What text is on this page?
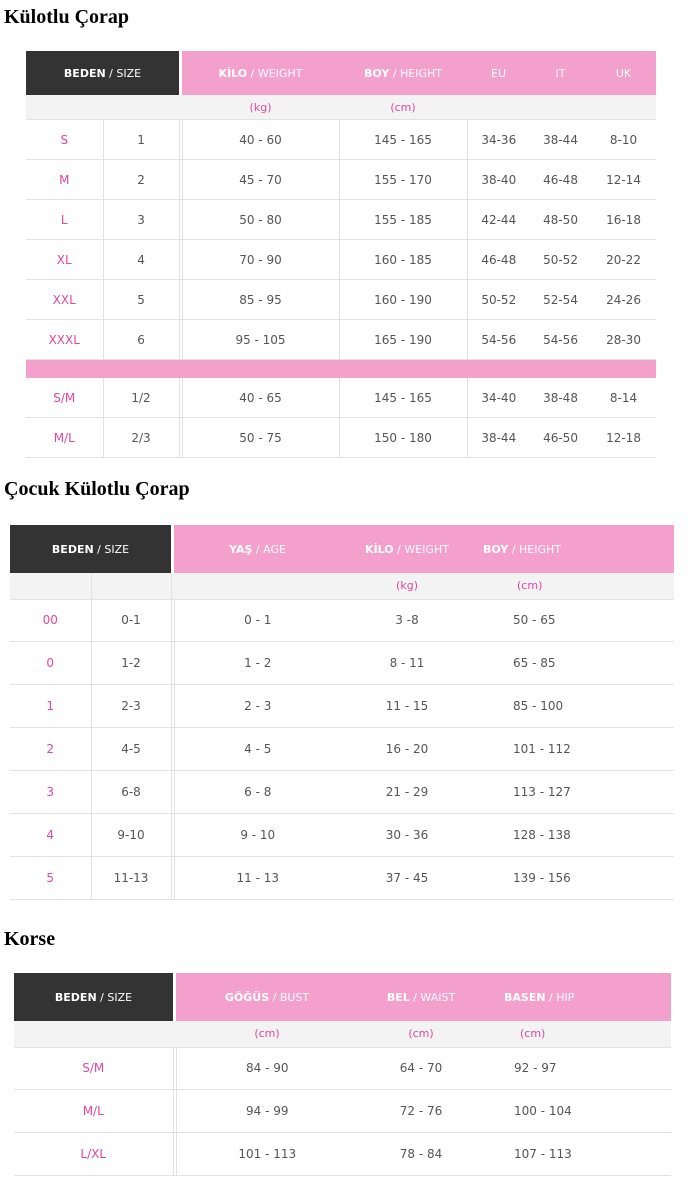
Külotlu Çorap
BEDEN / SIZE			KİLO / WEIGHT	BOY / HEIGHT	EU	IT	UK
			(kg)	(cm)			
S	1		40 - 60	145 - 165	34-36	38-44	8-10
M	2		45 - 70	155 - 170	38-40	46-48	12-14
L	3		50 - 80	155 - 185	42-44	48-50	16-18
XL	4		70 - 90	160 - 185	46-48	50-52	20-22
XXL	5		85 - 95	160 - 190	50-52	52-54	24-26
XXXL	6		95 - 105	165 - 190	54-56	54-56	28-30

S/M	1/2		40 - 65	145 - 165	34-40	38-48	8-14
M/L	2/3		50 - 75	150 - 180	38-44	46-50	12-18
Çocuk Külotlu Çorap
BEDEN / SIZE			YAŞ / AGE	KİLO / WEIGHT	BOY / HEIGHT
				(kg)	(cm)
00	0-1		0 - 1	3 -8	50 - 65
0	1-2		1 - 2	8 - 11	65 - 85
1	2-3		2 - 3	11 - 15	85 - 100
2	4-5		4 - 5	16 - 20	101 - 112
3	6-8		6 - 8	21 - 29	113 - 127
4	9-10		9 - 10	30 - 36	128 - 138
5	11-13		11 - 13	37 - 45	139 - 156
Korse
BEDEN / SIZE		GÖĞÜS / BUST	BEL / WAIST	BASEN / HIP
		(cm)	(cm)	(cm)
S/M		84 - 90	64 - 70	92 - 97
M/L		94 - 99	72 - 76	100 - 104
L/XL		101 - 113	78 - 84	107 - 113
